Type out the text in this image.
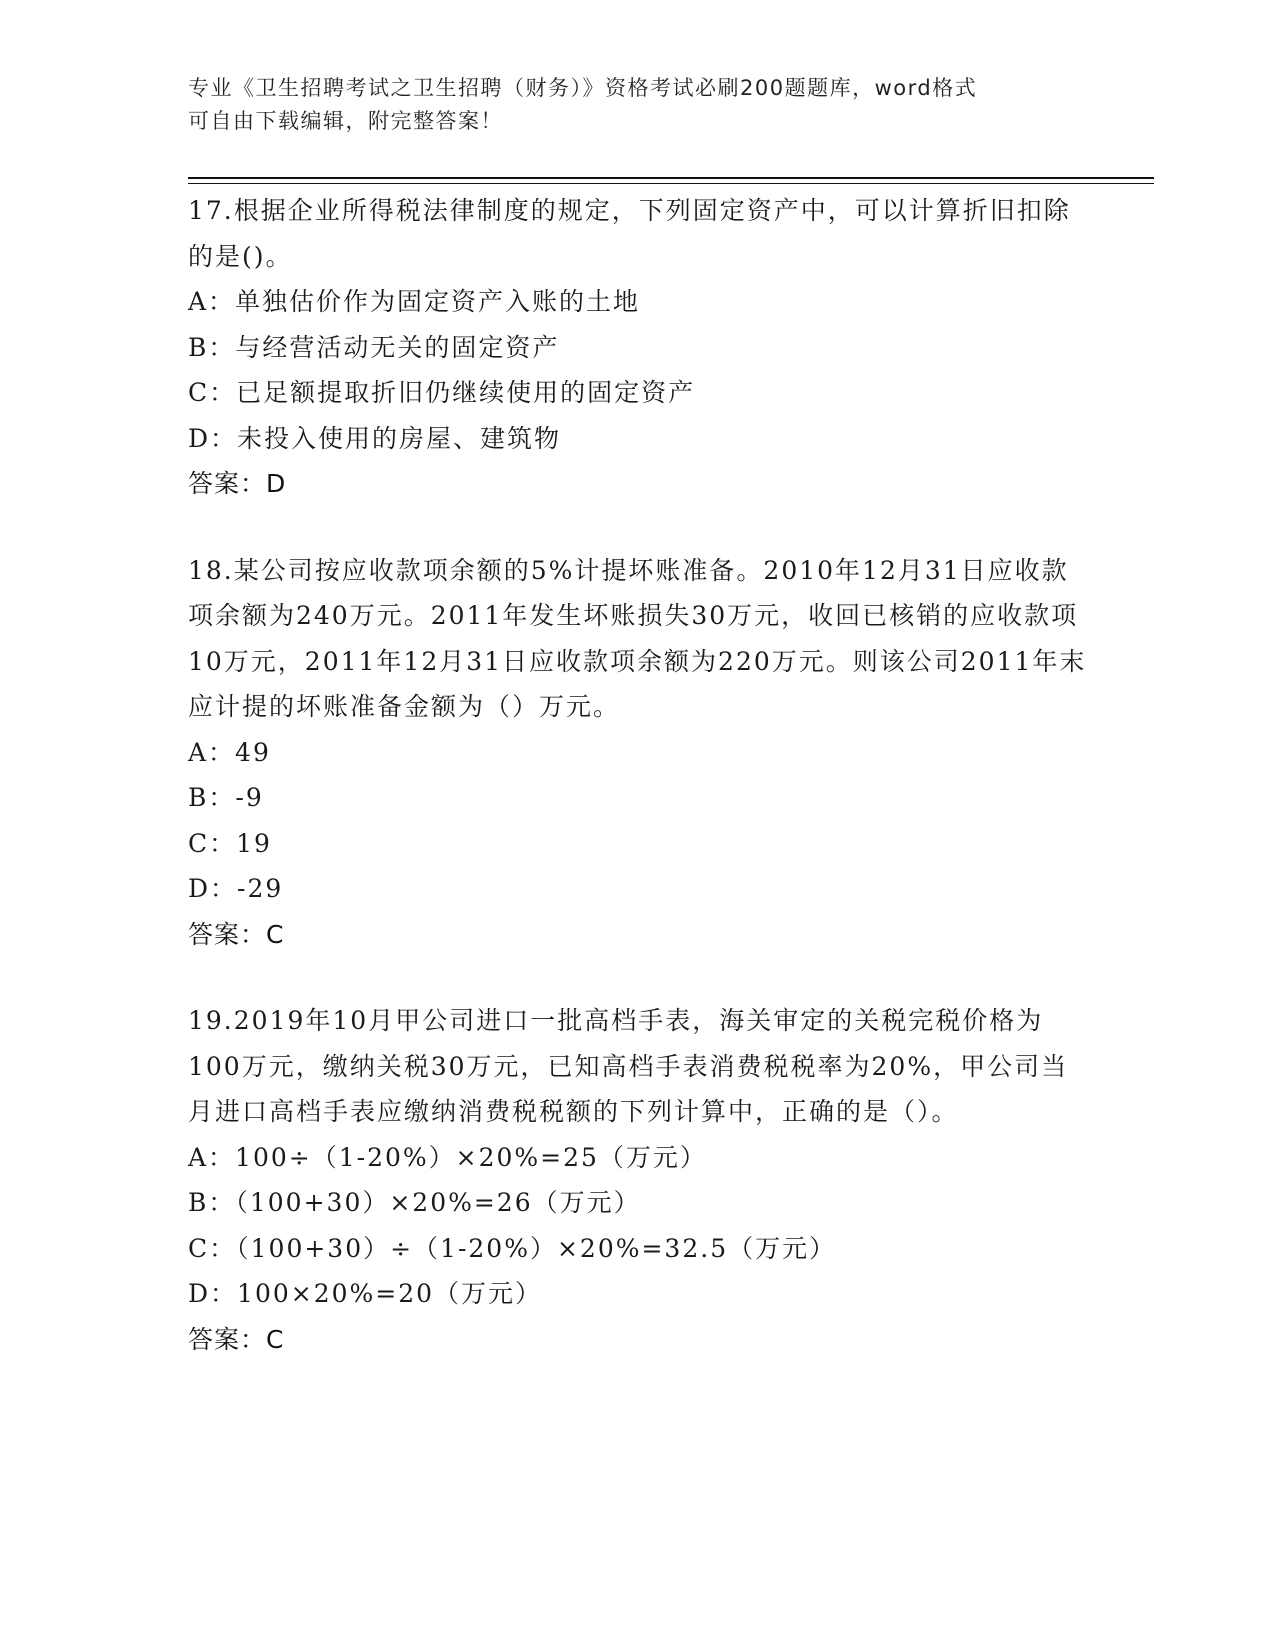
专业《卫生招聘考试之卫生招聘（财务）》资格考试必刷200题题库，word格式
可自由下载编辑，附完整答案！

17.根据企业所得税法律制度的规定，下列固定资产中，可以计算折旧扣除的是()。

A：单独估价作为固定资产入账的土地

B：与经营活动无关的固定资产

C：已足额提取折旧仍继续使用的固定资产

D：未投入使用的房屋、建筑物

答案：D

18.某公司按应收款项余额的5%计提坏账准备。2010年12月31日应收款项余额为240万元。2011年发生坏账损失30万元，收回已核销的应收款项10万元，2011年12月31日应收款项余额为220万元。则该公司2011年末应计提的坏账准备金额为（）万元。

A：49

B：-9

C：19

D：-29

答案：C

19.2019年10月甲公司进口一批高档手表，海关审定的关税完税价格为100万元，缴纳关税30万元，已知高档手表消费税税率为20%，甲公司当月进口高档手表应缴纳消费税税额的下列计算中，正确的是（）。

A：100÷（1-20%）×20%=25（万元）

B：（100+30）×20%=26（万元）

C：（100+30）÷（1-20%）×20%=32.5（万元）

D：100×20%=20（万元）

答案：C
